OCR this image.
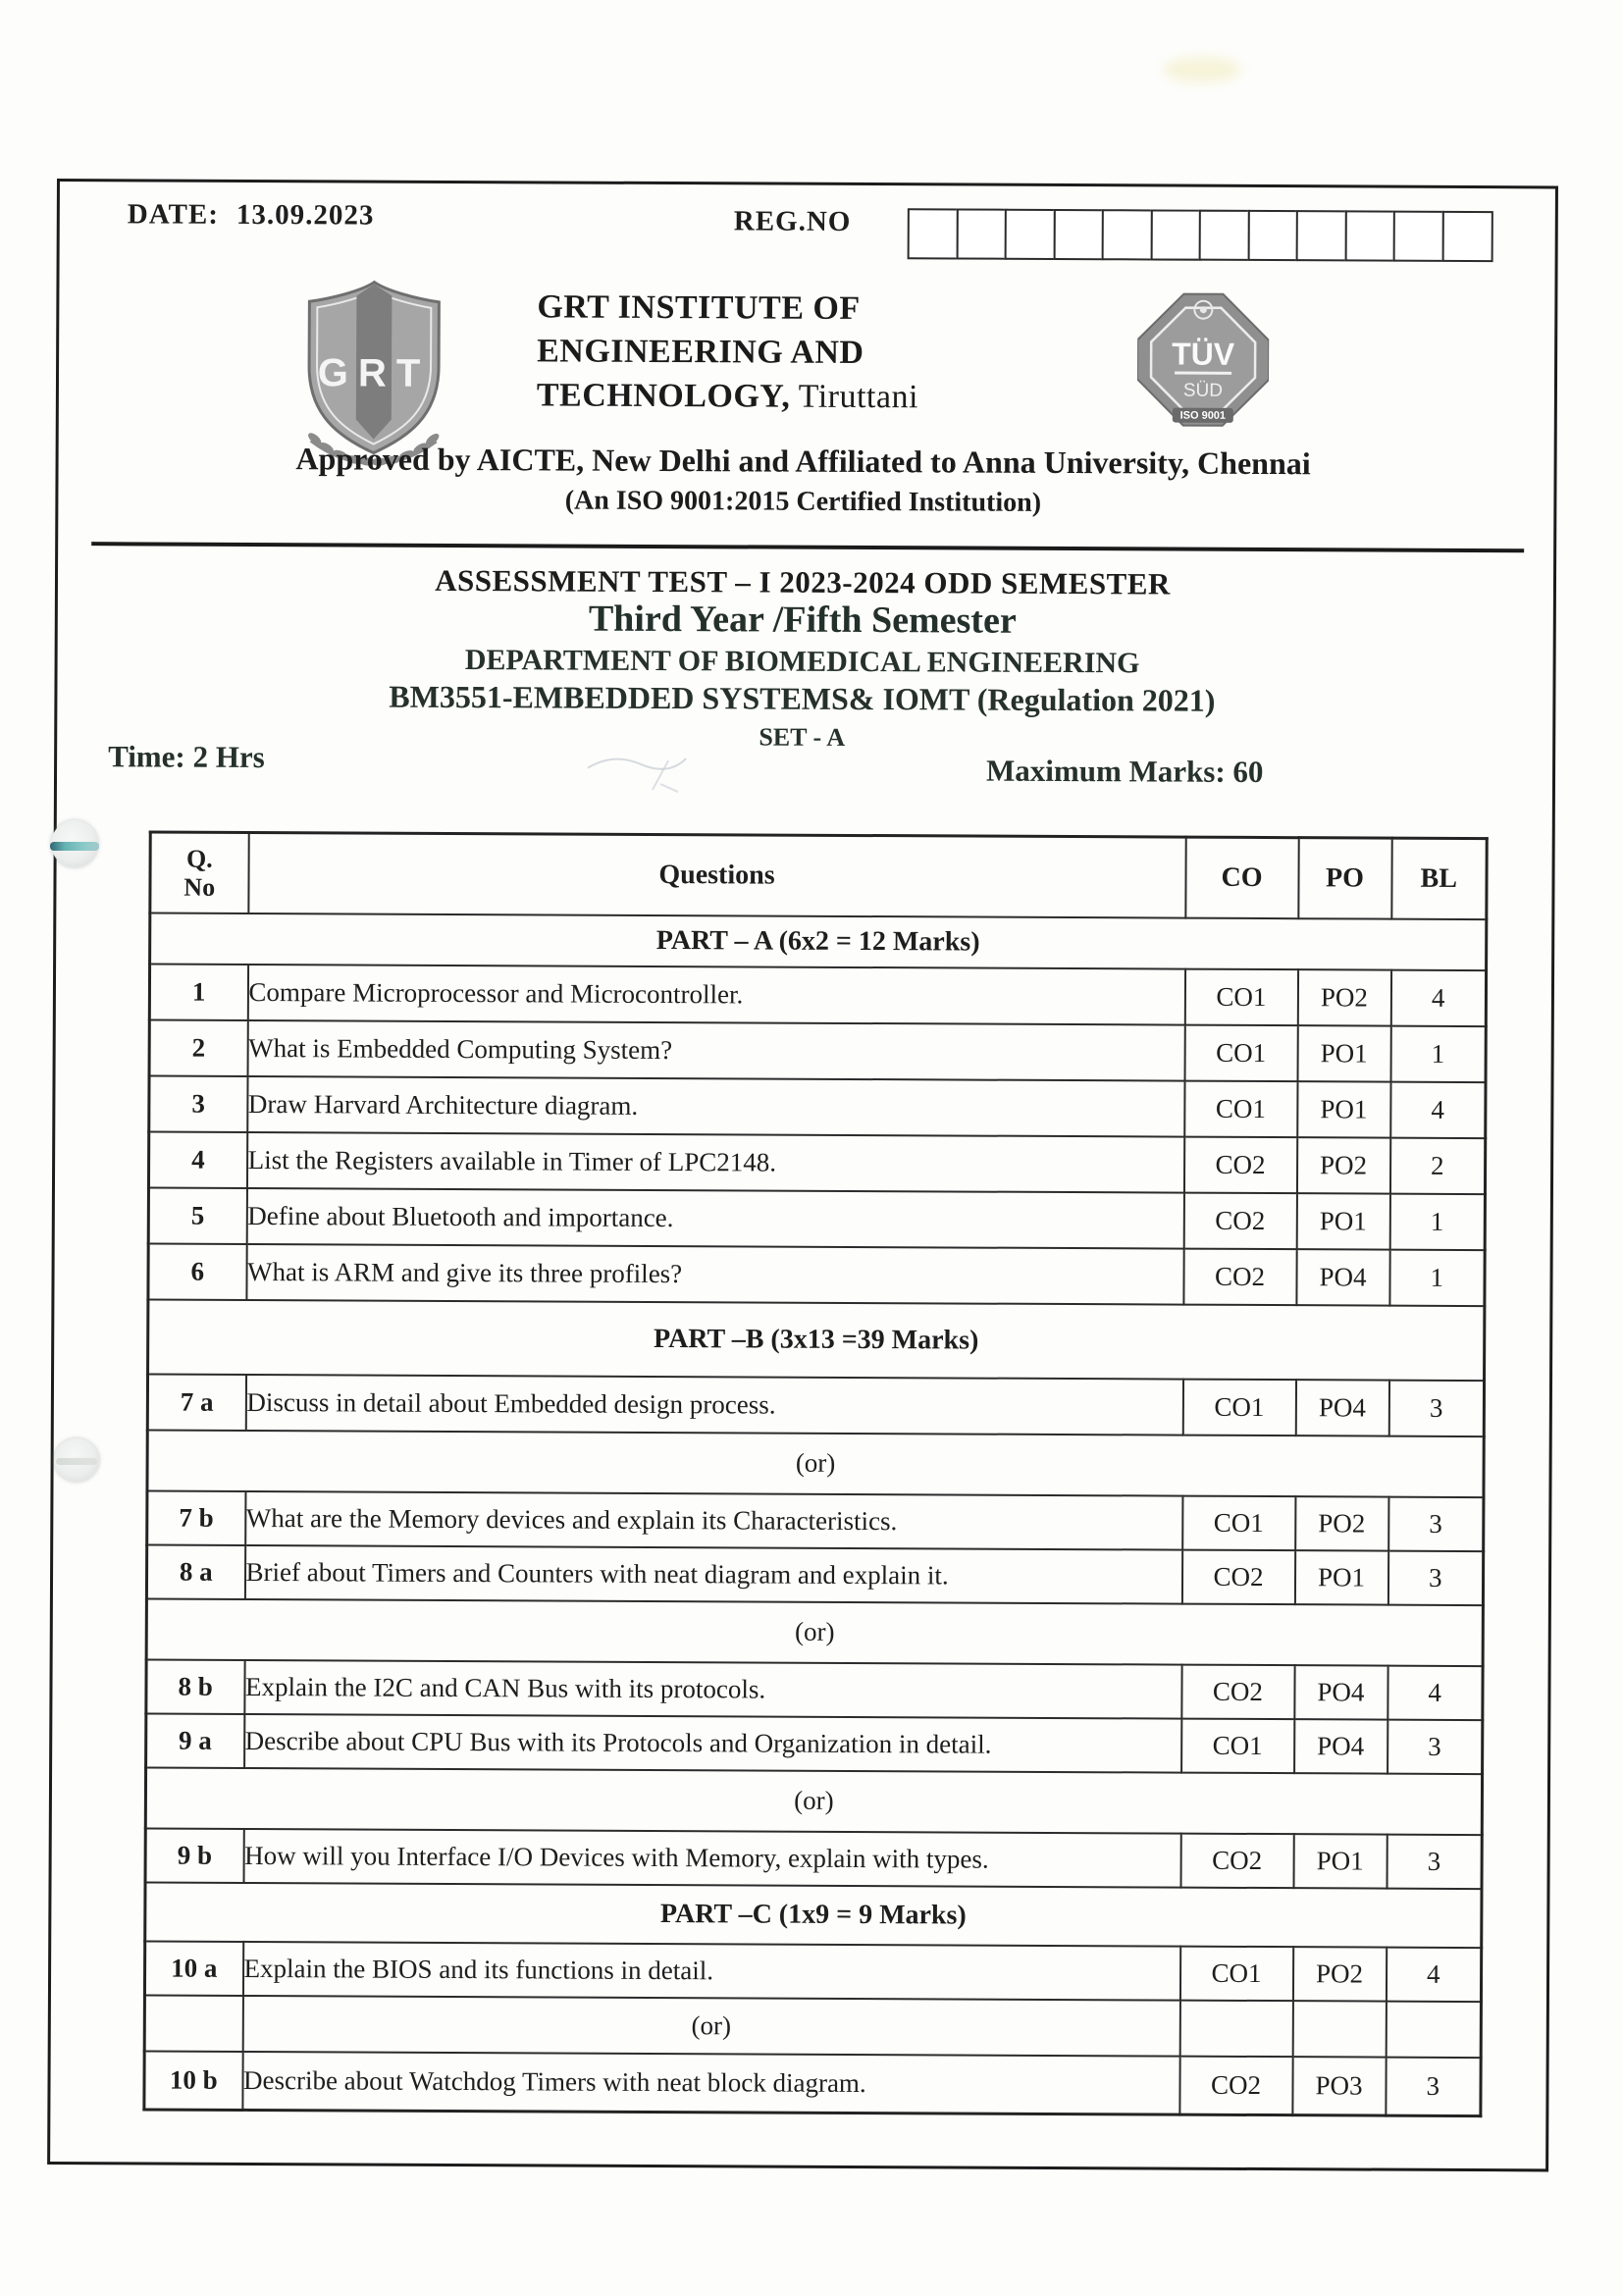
DATE: 13.09.2023	REG.NO
GRT
GRT INSTITUTE OF
ENGINEERING AND
TECHNOLOGY, Tiruttani
TÜV
SÜD
ISO 9001
Approved by AICTE, New Delhi and Affiliated to Anna University, Chennai
(An ISO 9001:2015 Certified Institution)
ASSESSMENT TEST – I 2023-2024 ODD SEMESTER
Third Year /Fifth Semester
DEPARTMENT OF BIOMEDICAL ENGINEERING
BM3551-EMBEDDED SYSTEMS& IOMT (Regulation 2021)
SET - A
Time: 2 Hrs	Maximum Marks: 60
Q.
No	Questions	CO	PO	BL
PART – A (6x2 = 12 Marks)				
1	Compare Microprocessor and Microcontroller.	CO1	PO2	4
2	What is Embedded Computing System?	CO1	PO1	1
3	Draw Harvard Architecture diagram.	CO1	PO1	4
4	List the Registers available in Timer of LPC2148.	CO2	PO2	2
5	Define about Bluetooth and importance.	CO2	PO1	1
6	What is ARM and give its three profiles?	CO2	PO4	1
PART –B (3x13 =39 Marks)				
7 a	Discuss in detail about Embedded design process.	CO1	PO4	3
(or)				
7 b	What are the Memory devices and explain its Characteristics.	CO1	PO2	3
8 a	Brief about Timers and Counters with neat diagram and explain it.	CO2	PO1	3
(or)				
8 b	Explain the I2C and CAN Bus with its protocols.	CO2	PO4	4
9 a	Describe about CPU Bus with its Protocols and Organization in detail.	CO1	PO4	3
(or)				
9 b	How will you Interface I/O Devices with Memory, explain with types.	CO2	PO1	3
PART –C (1x9 = 9 Marks)				
10 a	Explain the BIOS and its functions in detail.	CO1	PO2	4
	(or)			
10 b	Describe about Watchdog Timers with neat block diagram.	CO2	PO3	3
